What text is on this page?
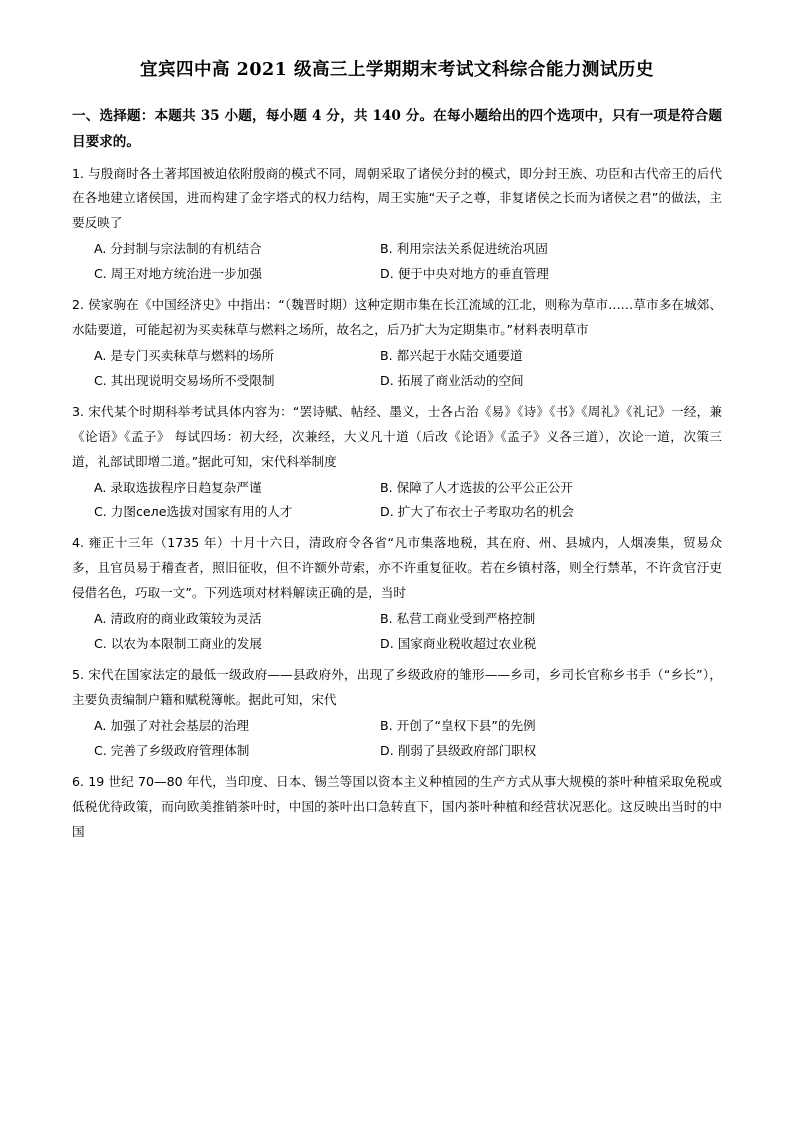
宜宾四中高 2021 级高三上学期期末考试文科综合能力测试历史
一、选择题：本题共 35 小题，每小题 4 分，共 140 分。在每小题给出的四个选项中，只有一项是符合题目要求的。

1. 与殷商时各土著邦国被迫依附殷商的模式不同，周朝采取了诸侯分封的模式，即分封王族、功臣和古代帝王的后代在各地建立诸侯国，进而构建了金字塔式的权力结构，周王实施“天子之尊，非复诸侯之长而为诸侯之君”的做法，主要反映了

A. 分封制与宗法制的有机结合	B. 利用宗法关系促进统治巩固
C. 周王对地方统治进一步加强	D. 便于中央对地方的垂直管理

2. 侯家驹在《中国经济史》中指出：“（魏晋时期）这种定期市集在长江流域的江北，则称为草市……草市多在城郊、水陆要道，可能起初为买卖秣草与燃料之场所，故名之，后乃扩大为定期集市。”材料表明草市

A. 是专门买卖秣草与燃料的场所	B. 都兴起于水陆交通要道
C. 其出现说明交易场所不受限制	D. 拓展了商业活动的空间

3. 宋代某个时期科举考试具体内容为：“罢诗赋、帖经、墨义，士各占治《易》《诗》《书》《周礼》《礼记》一经，兼《论语》《孟子》 每试四场：初大经，次兼经，大义凡十道（后改《论语》《孟子》义各三道），次论一道，次策三道，礼部试即增二道。”据此可知，宋代科举制度

A. 录取选拔程序日趋复杂严谨	B. 保障了人才选拔的公平公正公开
C. 力图селе选拔对国家有用的人才	D. 扩大了布衣士子考取功名的机会

4. 雍正十三年（1735 年）十月十六日，清政府令各省“凡市集落地税，其在府、州、县城内，人烟凑集，贸易众多，且官员易于稽查者，照旧征收，但不许额外苛索，亦不许重复征收。若在乡镇村落，则全行禁革，不许贪官汙吏侵借名色，巧取一文”。下列选项对材料解读正确的是，当时

A. 清政府的商业政策较为灵活	B. 私营工商业受到严格控制
C. 以农为本限制工商业的发展	D. 国家商业税收超过农业税

5. 宋代在国家法定的最低一级政府——县政府外，出现了乡级政府的雏形——乡司，乡司长官称乡书手（“乡长”），主要负责编制户籍和赋税簿帐。据此可知，宋代

A. 加强了对社会基层的治理	B. 开创了“皇权下县”的先例
C. 完善了乡级政府管理体制	D. 削弱了县级政府部门职权

6. 19 世纪 70—80 年代，当印度、日本、锡兰等国以资本主义种植园的生产方式从事大规模的茶叶种植采取免税或低税优待政策，而向欧美推销茶叶时，中国的茶叶出口急转直下，国内茶叶种植和经营状况恶化。这反映出当时的中国
